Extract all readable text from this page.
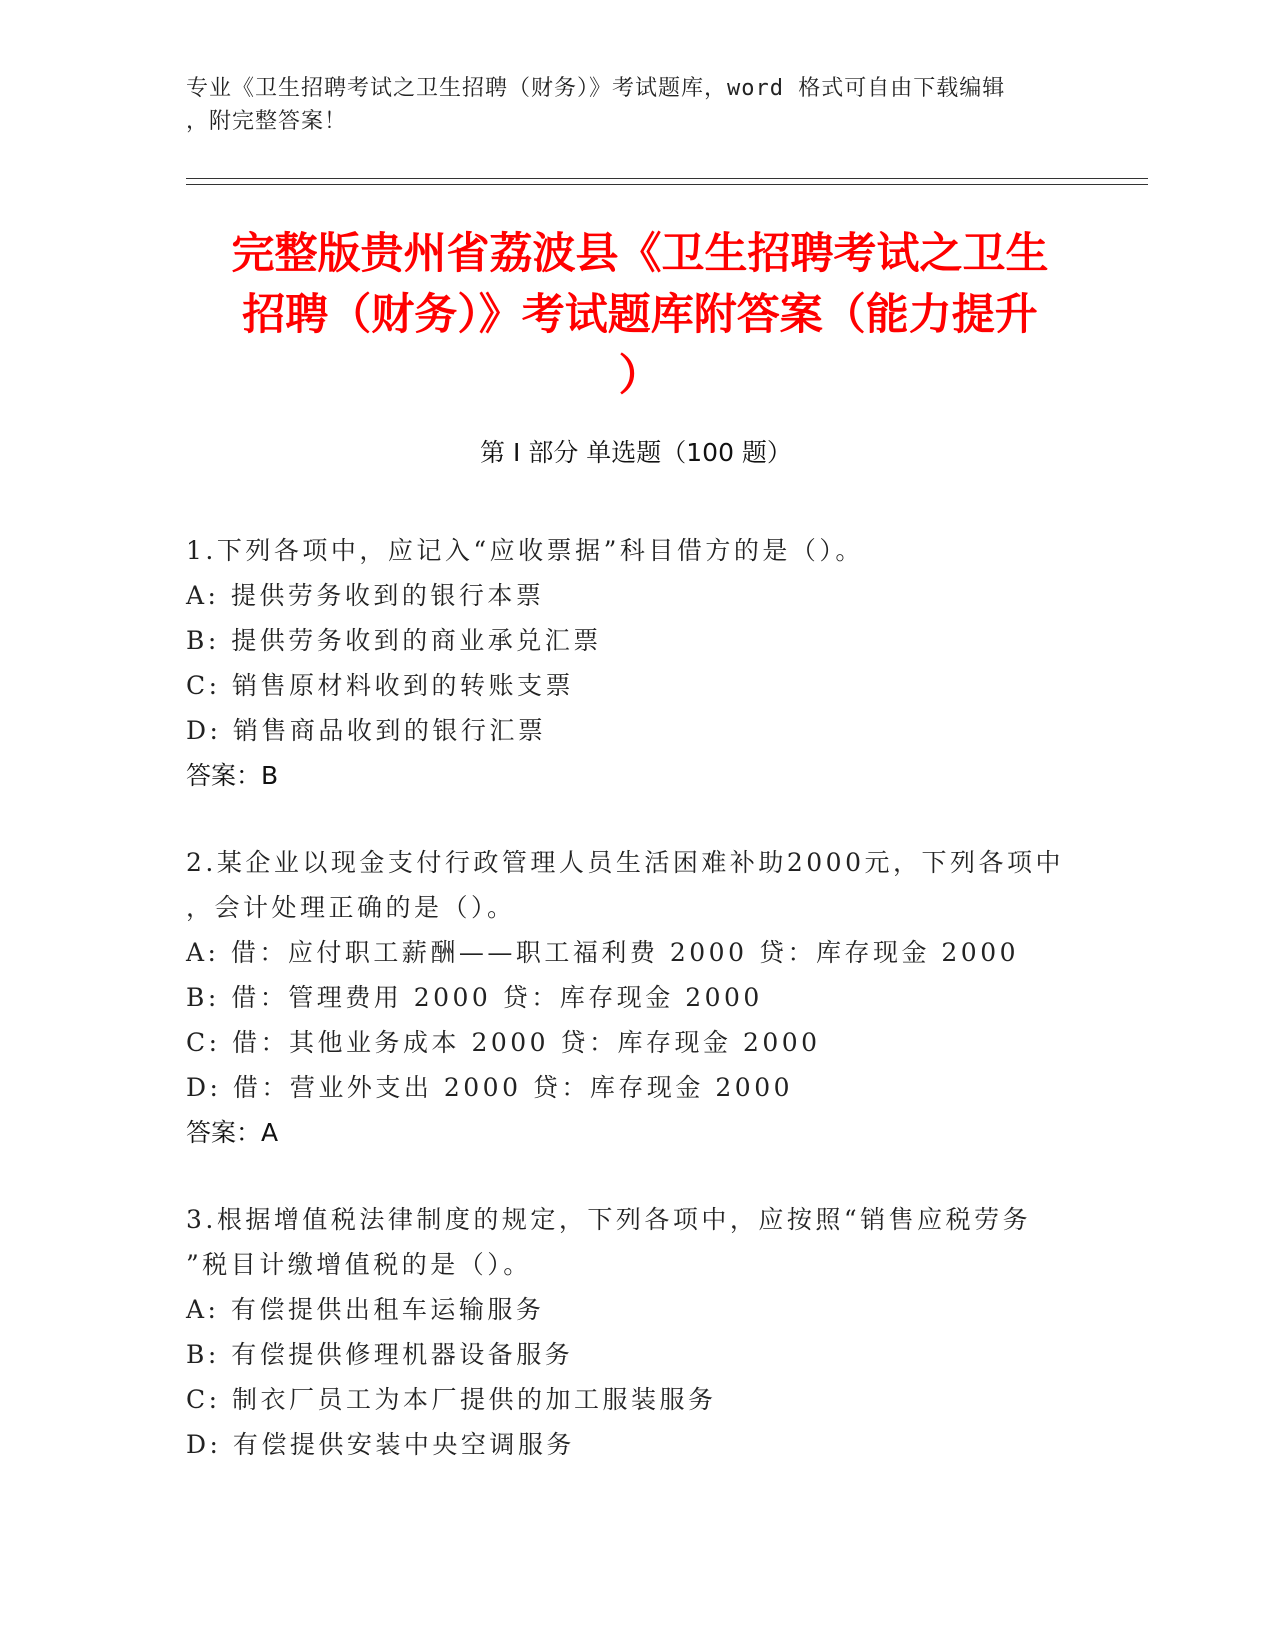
专业《卫生招聘考试之卫生招聘（财务）》考试题库，word 格式可自由下载编辑
，附完整答案！
完整版贵州省荔波县《卫生招聘考试之卫生
招聘（财务）》考试题库附答案（能力提升
）
第 I 部分 单选题（100 题）
1.下列各项中，应记入“应收票据”科目借方的是（）。
A: 提供劳务收到的银行本票
B: 提供劳务收到的商业承兑汇票
C: 销售原材料收到的转账支票
D: 销售商品收到的银行汇票
答案：B
2.某企业以现金支付行政管理人员生活困难补助2000元，下列各项中
，会计处理正确的是（）。
A: 借：应付职工薪酬——职工福利费 2000 贷：库存现金 2000
B: 借：管理费用 2000 贷：库存现金 2000
C: 借：其他业务成本 2000 贷：库存现金 2000
D: 借：营业外支出 2000 贷：库存现金 2000
答案：A
3.根据增值税法律制度的规定，下列各项中，应按照“销售应税劳务
”税目计缴增值税的是（）。
A: 有偿提供出租车运输服务
B: 有偿提供修理机器设备服务
C: 制衣厂员工为本厂提供的加工服装服务
D: 有偿提供安装中央空调服务
